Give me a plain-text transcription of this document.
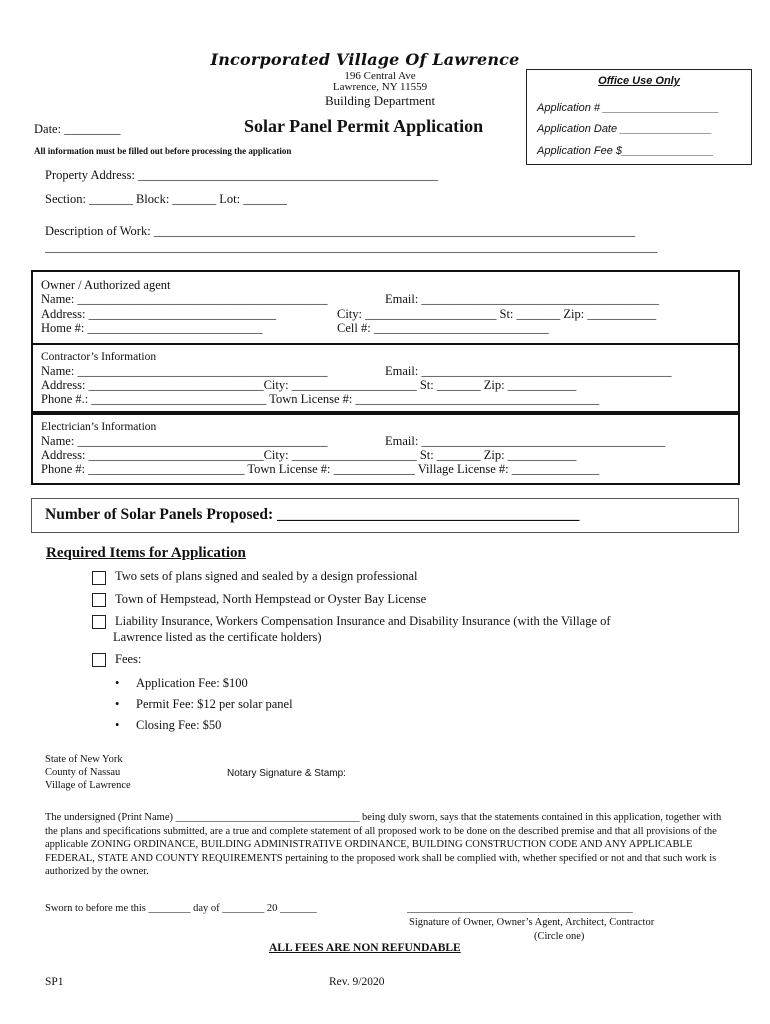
Incorporated Village Of Lawrence
196 Central Ave
Lawrence, NY 11559
Building Department
Office Use Only
Application # ___________________
Application Date _______________
Application Fee $_______________
Date: _________	Solar Panel Permit Application
All information must be filled out before processing the application
Property Address: ________________________________________________
Section: _______ Block: _______ Lot: _______
Description of Work: _____________________________________________________________________________
__________________________________________________________________________________________________
Owner / Authorized agent
Name: ________________________________________	Email: ______________________________________
Address: ______________________________	City: _____________________ St: _______ Zip: ___________
Home #: ____________________________	Cell #: ____________________________
Contractor’s Information
Name: ________________________________________	Email: ________________________________________
Address: ____________________________City: ____________________ St: _______ Zip: ___________
Phone #.: ____________________________ Town License #: _______________________________________
Electrician’s Information
Name: ________________________________________	Email: _______________________________________
Address: ____________________________City: ____________________ St: _______ Zip: ___________
Phone #: _________________________ Town License #: _____________ Village License #: ______________
Number of Solar Panels Proposed: _______________________________________
Required Items for Application
Two sets of plans signed and sealed by a design professional
Town of Hempstead, North Hempstead or Oyster Bay License
Liability Insurance, Workers Compensation Insurance and Disability Insurance (with the Village of
Lawrence listed as the certificate holders)
Fees:
• Application Fee: $100
• Permit Fee: $12 per solar panel
• Closing Fee: $50
State of New York
County of Nassau
Village of Lawrence
Notary Signature & Stamp:
The undersigned (Print Name) ___________________________________ being duly sworn, says that the statements contained in this application, together with the plans and specifications submitted, are a true and complete statement of all proposed work to be done on the described premise and that all provisions of the applicable ZONING ORDINANCE, BUILDING ADMINISTRATIVE ORDINANCE, BUILDING CONSTRUCTION CODE AND ANY APPLICABLE FEDERAL, STATE AND COUNTY REQUIREMENTS pertaining to the proposed work shall be complied with, whether specified or not and that such work is authorized by the owner.
Sworn to before me this ________ day of ________ 20 _______	___________________________________________
Signature of Owner, Owner’s Agent, Architect, Contractor
(Circle one)
ALL FEES ARE NON REFUNDABLE
SP1	Rev. 9/2020
